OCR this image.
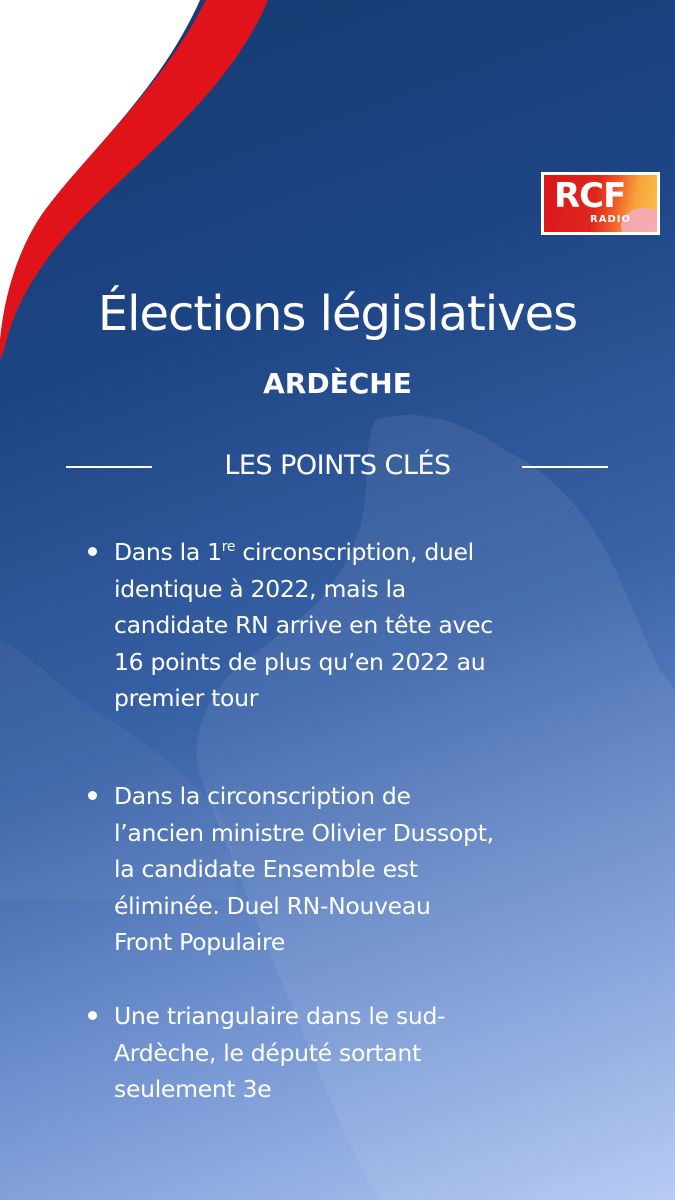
RCF
RADIO
Élections législatives
ARDÈCHE
LES POINTS CLÉS
Dans la 1re circonscription, duel identique à 2022, mais la candidate RN arrive en tête avec 16 points de plus qu’en 2022 au premier tour
Dans la circonscription de l’ancien ministre Olivier Dussopt, la candidate Ensemble est éliminée. Duel RN-Nouveau Front Populaire
Une triangulaire dans le sud-Ardèche, le député sortant seulement 3e
